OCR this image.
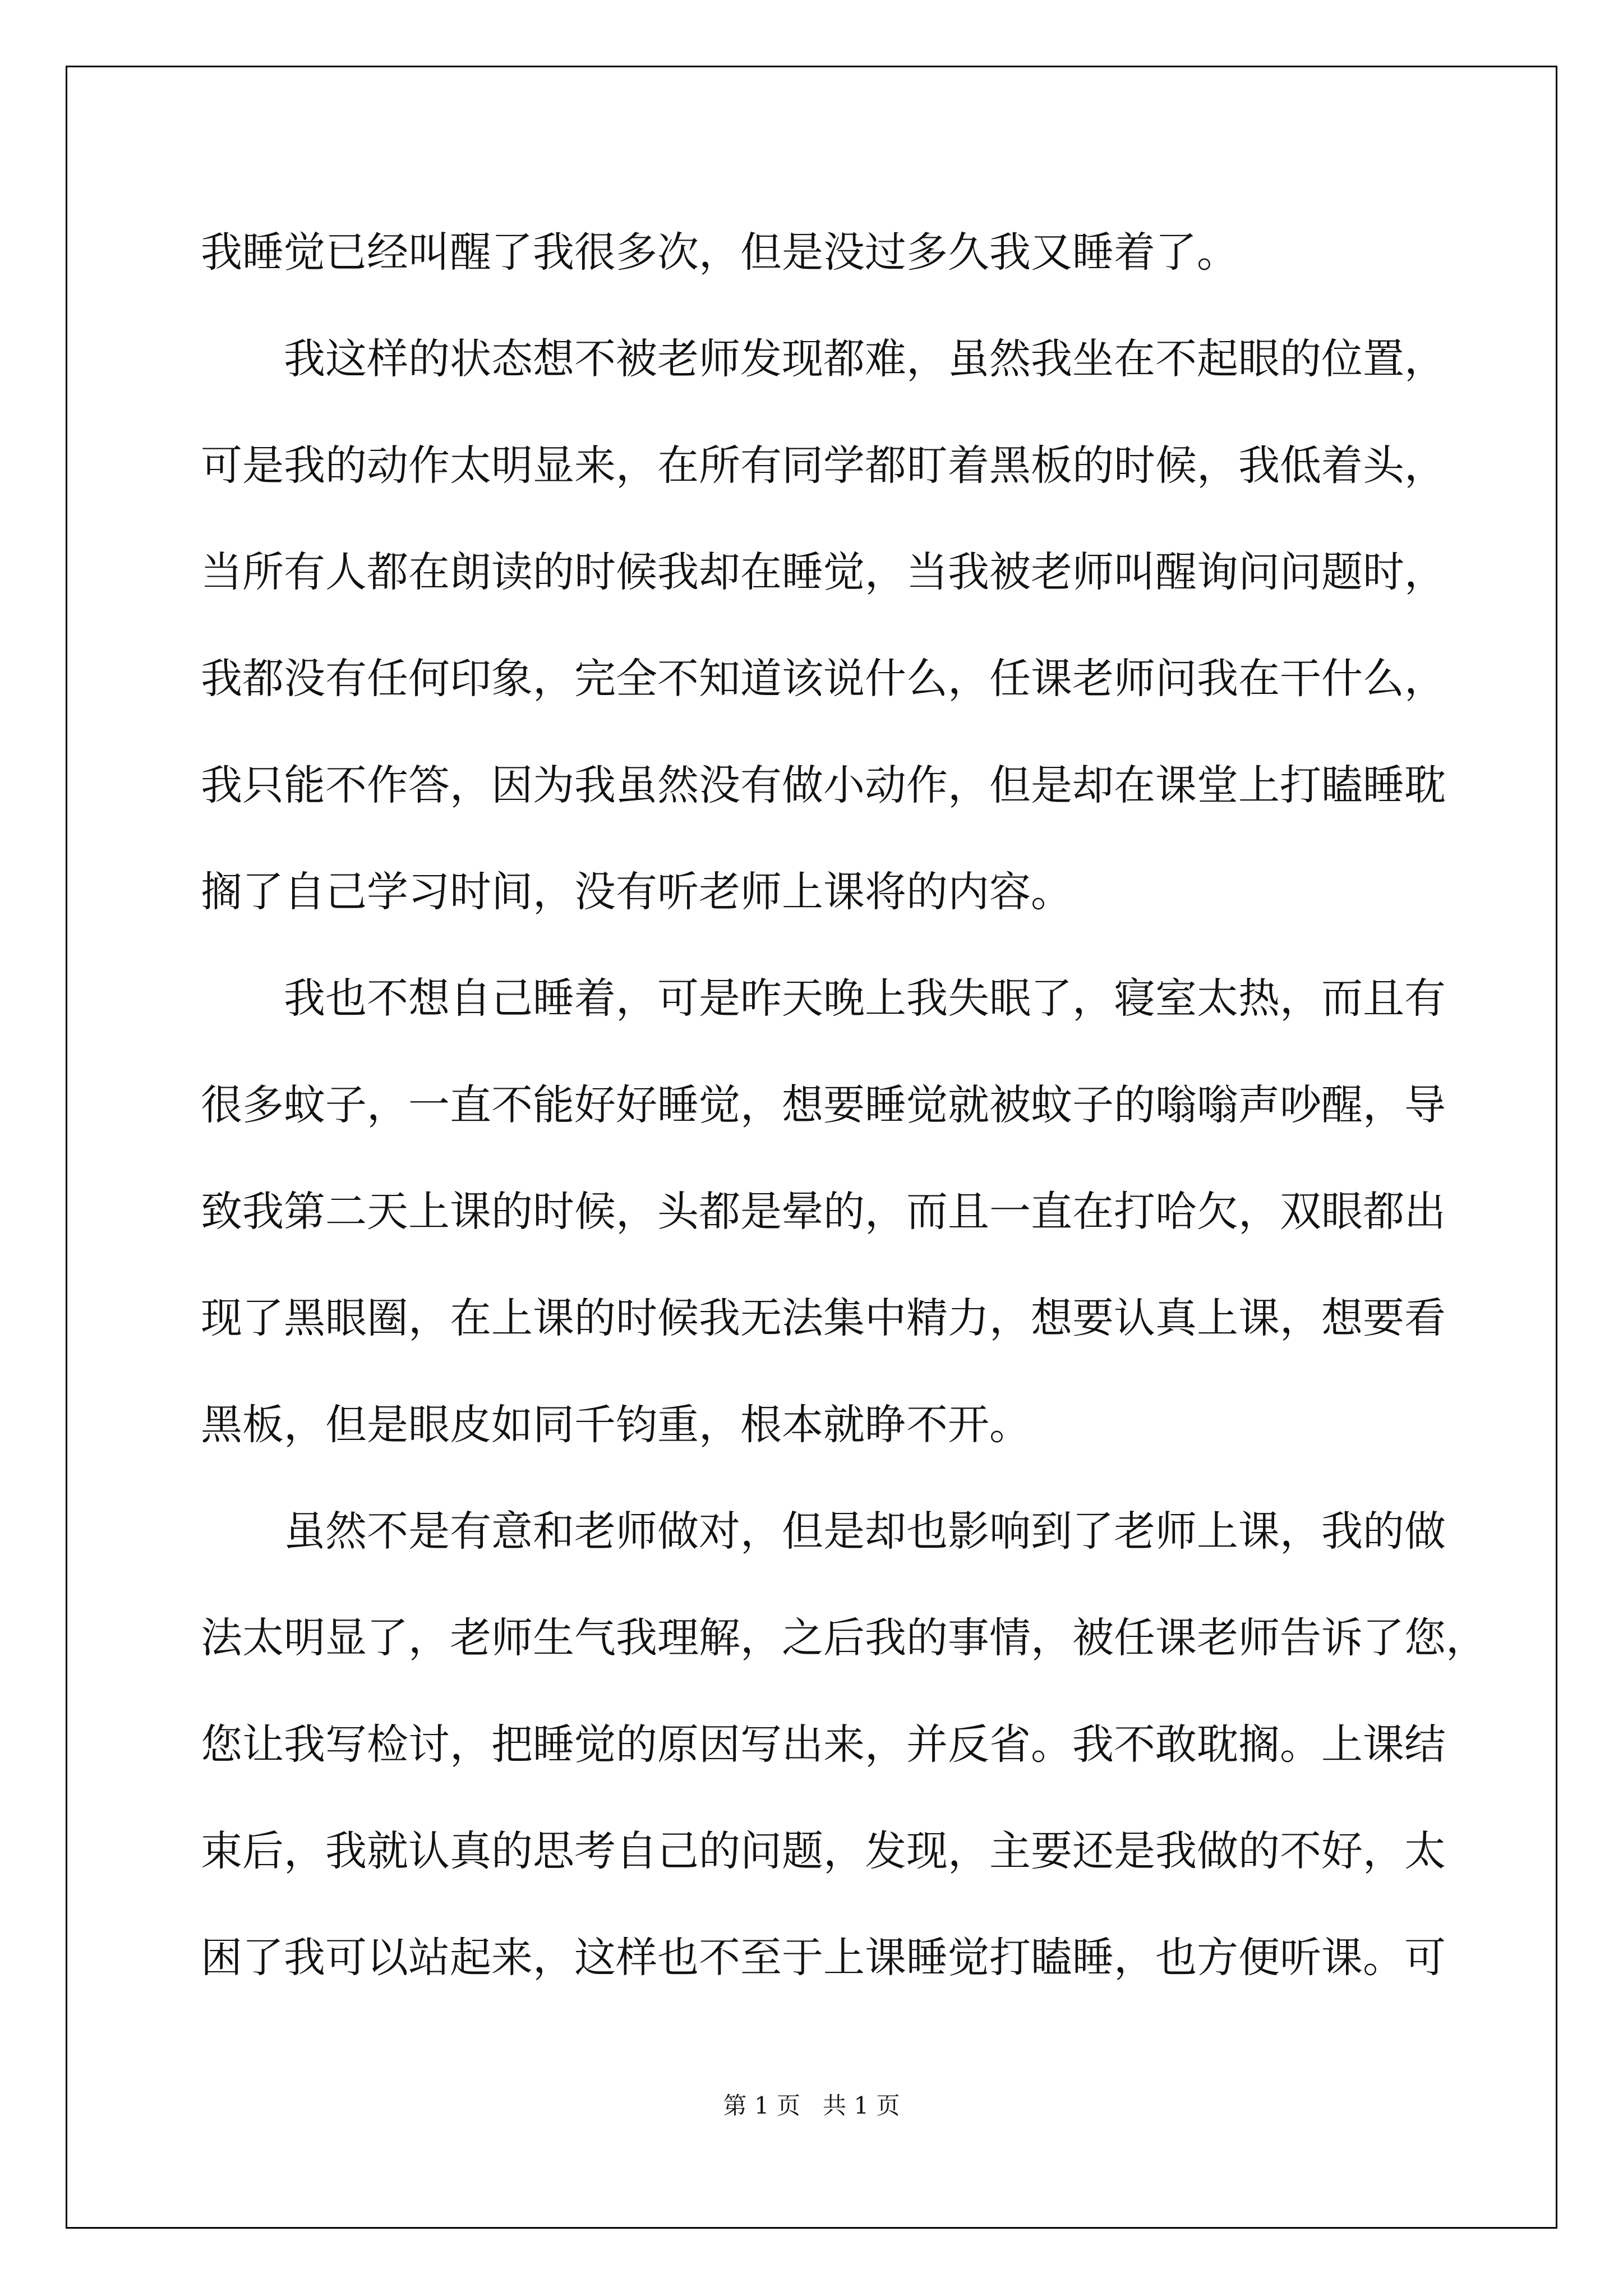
我睡觉已经叫醒了我很多次，但是没过多久我又睡着了。
我这样的状态想不被老师发现都难，虽然我坐在不起眼的位置，
可是我的动作太明显来，在所有同学都盯着黑板的时候，我低着头，
当所有人都在朗读的时候我却在睡觉，当我被老师叫醒询问问题时，
我都没有任何印象，完全不知道该说什么，任课老师问我在干什么，
我只能不作答，因为我虽然没有做小动作，但是却在课堂上打瞌睡耽
搁了自己学习时间，没有听老师上课将的内容。
我也不想自己睡着，可是昨天晚上我失眠了，寝室太热，而且有
很多蚊子，一直不能好好睡觉，想要睡觉就被蚊子的嗡嗡声吵醒，导
致我第二天上课的时候，头都是晕的，而且一直在打哈欠，双眼都出
现了黑眼圈，在上课的时候我无法集中精力，想要认真上课，想要看
黑板，但是眼皮如同千钧重，根本就睁不开。
虽然不是有意和老师做对，但是却也影响到了老师上课，我的做
法太明显了，老师生气我理解，之后我的事情，被任课老师告诉了您，
您让我写检讨，把睡觉的原因写出来，并反省。我不敢耽搁。上课结
束后，我就认真的思考自己的问题，发现，主要还是我做的不好，太
困了我可以站起来，这样也不至于上课睡觉打瞌睡，也方便听课。可
第 1 页   共 1 页
